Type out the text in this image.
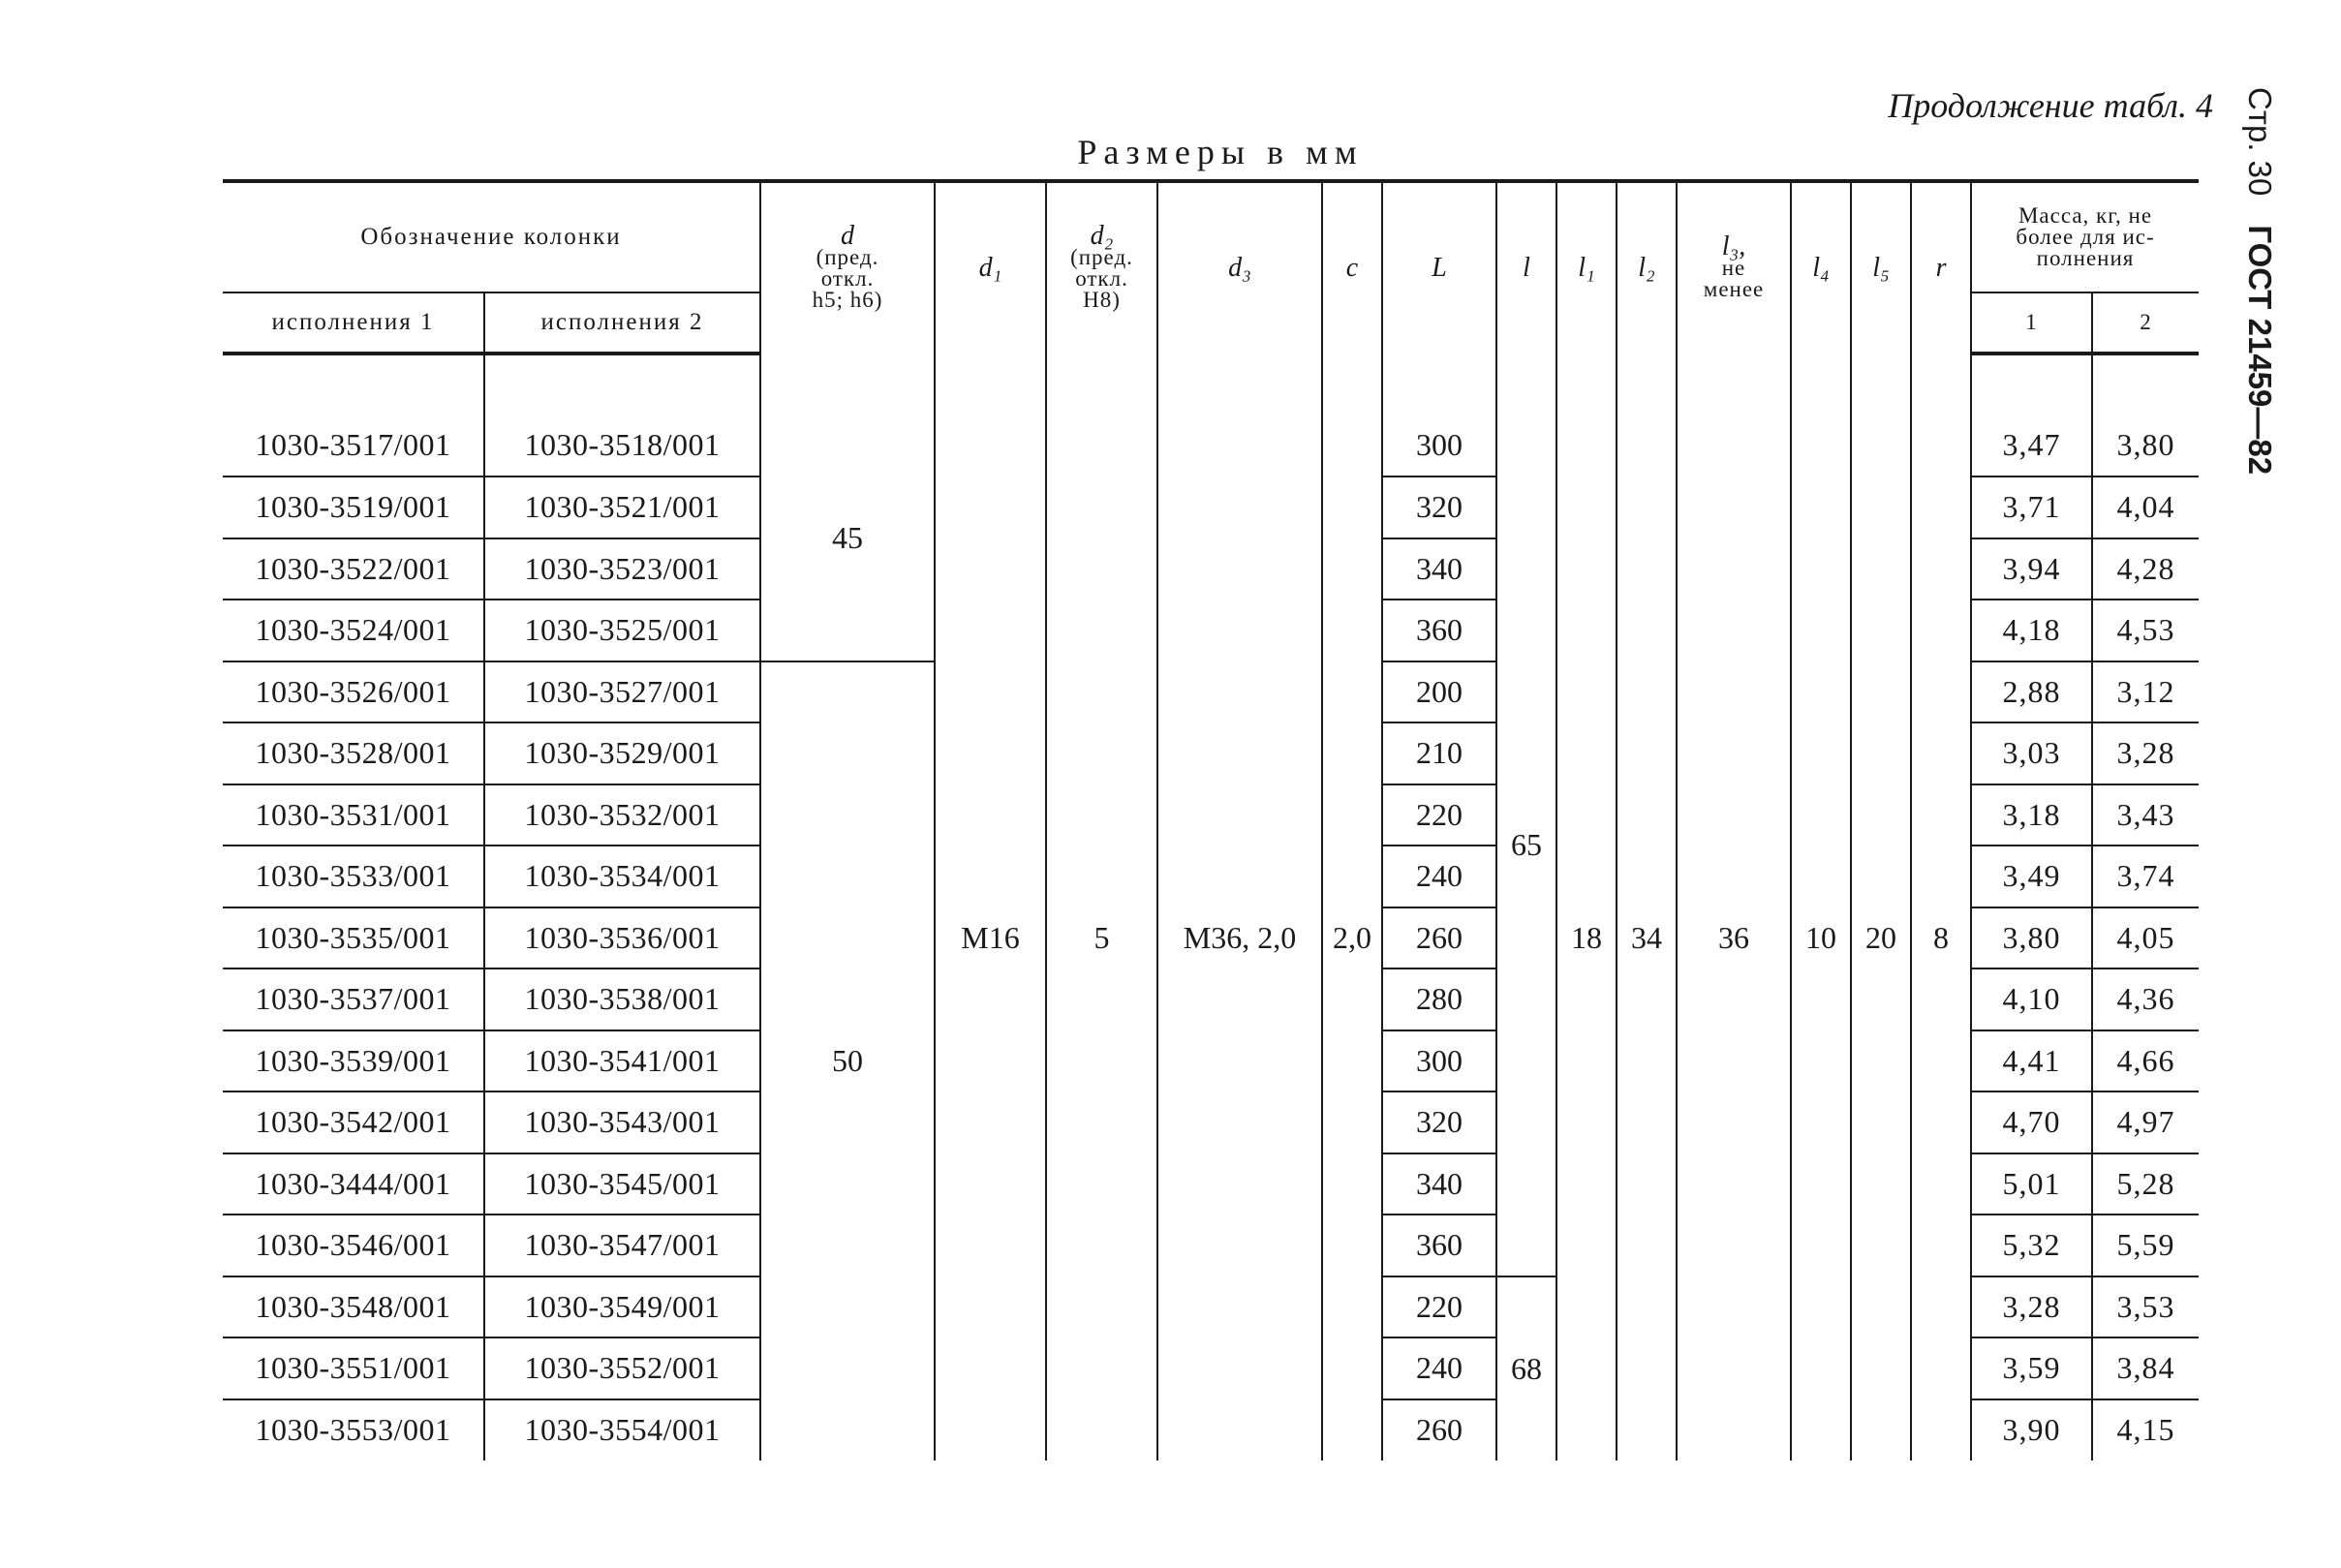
Продолжение табл. 4
Размеры в мм	Стр. 30
ГОСТ 21459—82
Обозначение колонки		d
(пред.
откл.
h5; h6)	d₁	d₂
(пред.
откл.
H8)	d₃	c	L	l	l₁	l₂	l₃,
не
менее	l₄	l₅	r	Масса, кг, не
более для ис-
полнения	

исполнения 1	исполнения 2														1	2

1030-3517/001	1030-3518/001	45	М16	5	М36, 2,0	2,0	300	65	18	34	36	10	20	8	3,47	3,80
1030-3519/001	1030-3521/001						320								3,71	4,04
1030-3522/001	1030-3523/001						340								3,94	4,28
1030-3524/001	1030-3525/001						360								4,18	4,53
1030-3526/001	1030-3527/001	50					200								2,88	3,12
1030-3528/001	1030-3529/001						210								3,03	3,28
1030-3531/001	1030-3532/001						220								3,18	3,43
1030-3533/001	1030-3534/001						240								3,49	3,74
1030-3535/001	1030-3536/001						260								3,80	4,05
1030-3537/001	1030-3538/001						280								4,10	4,36
1030-3539/001	1030-3541/001						300								4,41	4,66
1030-3542/001	1030-3543/001						320								4,70	4,97
1030-3444/001	1030-3545/001						340								5,01	5,28
1030-3546/001	1030-3547/001						360								5,32	5,59
1030-3548/001	1030-3549/001						220	68							3,28	3,53
1030-3551/001	1030-3552/001						240								3,59	3,84
1030-3553/001	1030-3554/001						260								3,90	4,15
